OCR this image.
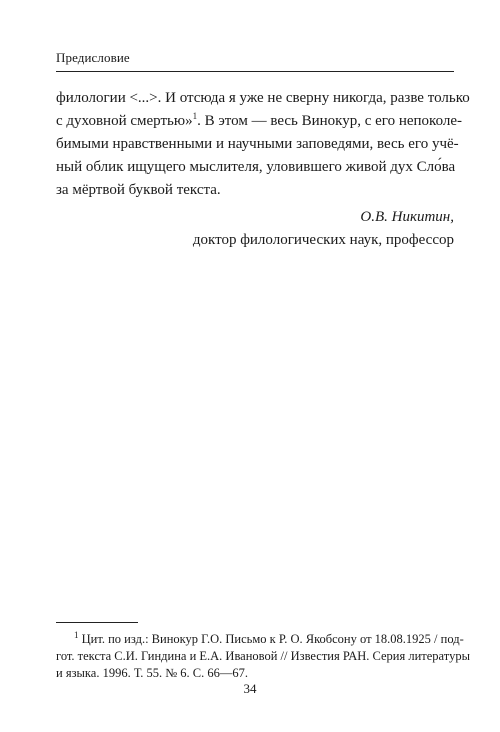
Предисловие
филологии <...>. И отсюда я уже не сверну никогда, разве только
с духовной смертью»$^1$. В этом — весь Винокур, с его непоколе-
бимыми нравственными и научными заповедями, весь его учё-
ный облик ищущего мыслителя, уловившего живой дух Сло́ва
за мёртвой буквой текста.
О.В. Никитин,
доктор филологических наук, профессор
$^1$ Цит. по изд.: Винокур Г.О. Письмо к Р. О. Якобсону от 18.08.1925 / под-
гот. текста С.И. Гиндина и Е.А. Ивановой // Известия РАН. Серия литературы
и языка. 1996. Т. 55. № 6. С. 66—67.
34
